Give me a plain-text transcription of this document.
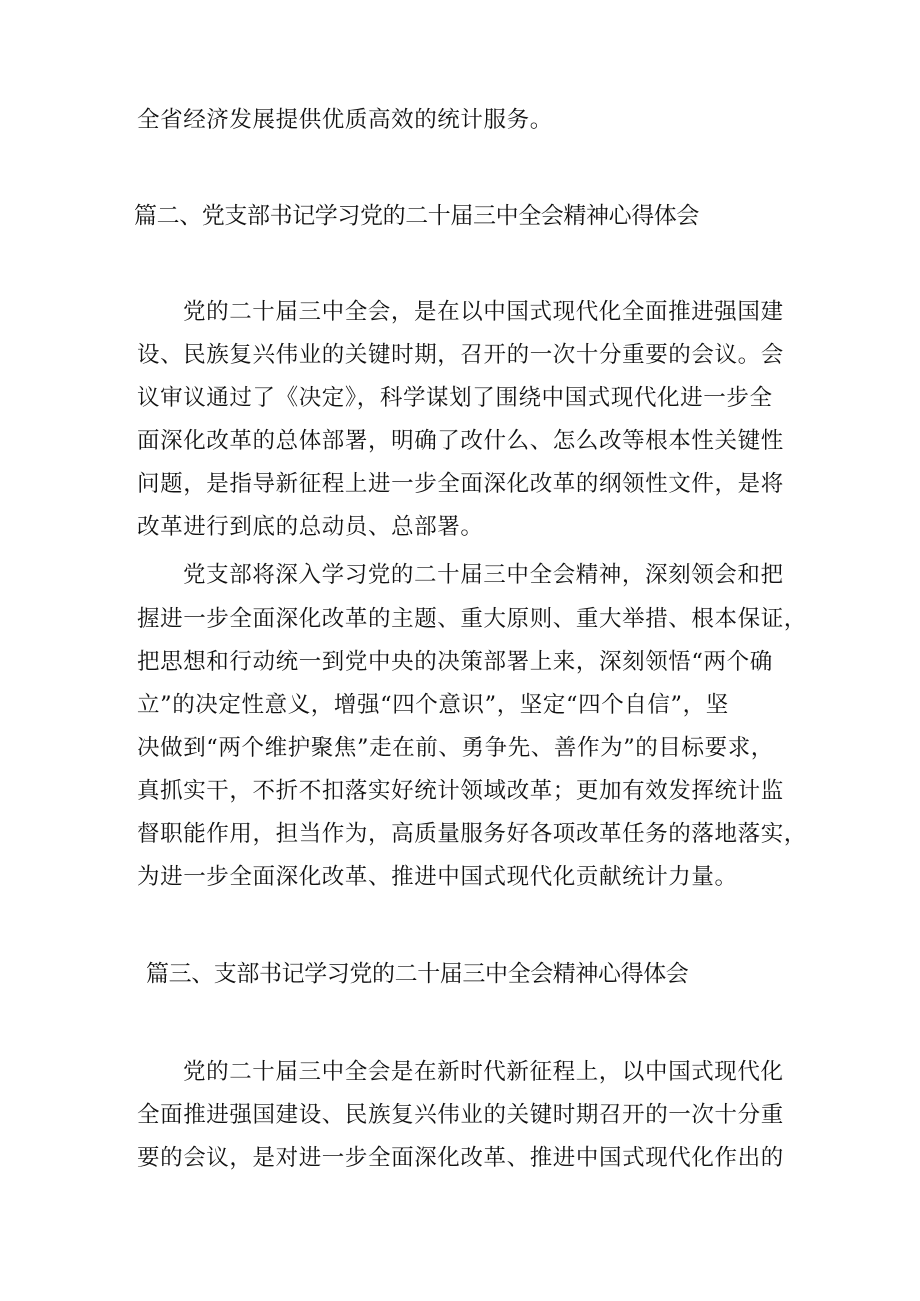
全省经济发展提供优质高效的统计服务。
篇二、党支部书记学习党的二十届三中全会精神心得体会
党的二十届三中全会，是在以中国式现代化全面推进强国建
设、民族复兴伟业的关键时期，召开的一次十分重要的会议。会
议审议通过了《决定》，科学谋划了围绕中国式现代化进一步全
面深化改革的总体部署，明确了改什么、怎么改等根本性关键性
问题，是指导新征程上进一步全面深化改革的纲领性文件，是将
改革进行到底的总动员、总部署。
党支部将深入学习党的二十届三中全会精神，深刻领会和把
握进一步全面深化改革的主题、重大原则、重大举措、根本保证，
把思想和行动统一到党中央的决策部署上来，深刻领悟“两个确
立”的决定性意义，增强“四个意识”，坚定“四个自信”，坚
决做到“两个维护聚焦”走在前、勇争先、善作为”的目标要求，
真抓实干，不折不扣落实好统计领域改革；更加有效发挥统计监
督职能作用，担当作为，高质量服务好各项改革任务的落地落实，
为进一步全面深化改革、推进中国式现代化贡献统计力量。
篇三、支部书记学习党的二十届三中全会精神心得体会
党的二十届三中全会是在新时代新征程上，以中国式现代化
全面推进强国建设、民族复兴伟业的关键时期召开的一次十分重
要的会议，是对进一步全面深化改革、推进中国式现代化作出的
